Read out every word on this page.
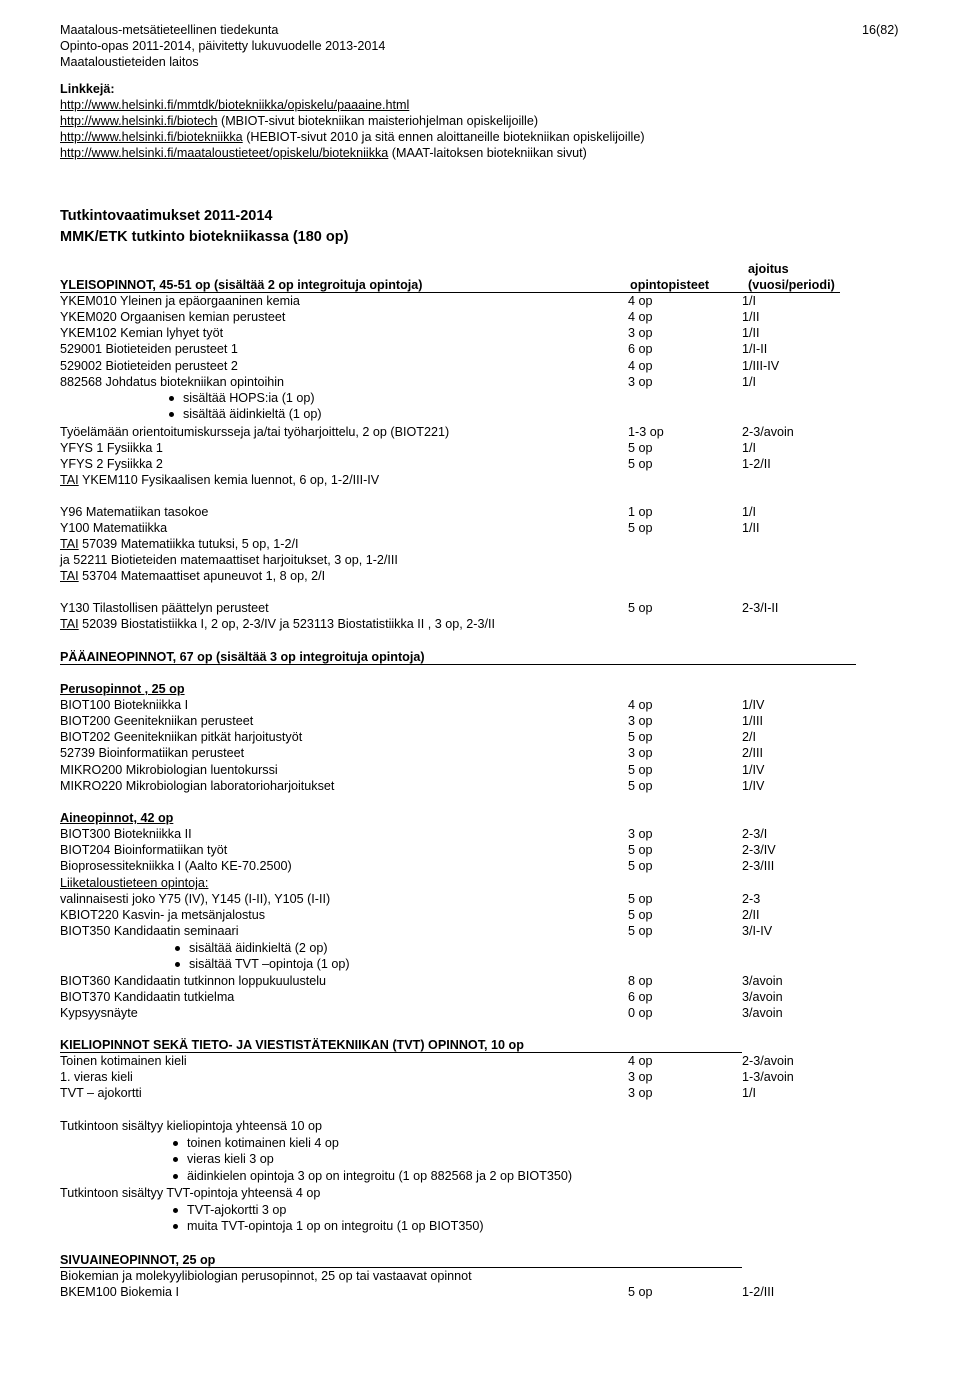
Maatalous-metsätieteellinen tiedekunta
Opinto-opas 2011-2014, päivitetty lukuvuodelle 2013-2014
Maataloustieteiden laitos
16(82)
Linkkejä:
http://www.helsinki.fi/mmtdk/biotekniikka/opiskelu/paaaine.html
http://www.helsinki.fi/biotech (MBIOT-sivut biotekniikan maisteriohjelman opiskelijoille)
http://www.helsinki.fi/biotekniikka (HEBIOT-sivut 2010 ja sitä ennen aloittaneille biotekniikan opiskelijoille)
http://www.helsinki.fi/maataloustieteet/opiskelu/biotekniikka (MAAT-laitoksen biotekniikan sivut)
Tutkintovaatimukset 2011-2014
MMK/ETK tutkinto biotekniikassa (180 op)
ajoitus
YLEISOPINNOT, 45-51 op (sisältää 2 op integroituja opintoja)	opintopisteet	(vuosi/periodi)
YKEM010 Yleinen ja epäorgaaninen kemia	4 op	1/I
YKEM020 Orgaanisen kemian perusteet	4 op	1/II
YKEM102 Kemian lyhyet työt	3 op	1/II
529001 Biotieteiden perusteet 1	6 op	1/I-II
529002 Biotieteiden perusteet 2	4 op	1/III-IV
882568 Johdatus biotekniikan opintoihin	3 op	1/I
sisältää HOPS:ia (1 op)
sisältää äidinkieltä (1 op)
Työelämään orientoitumiskursseja ja/tai työharjoittelu, 2 op (BIOT221)	1-3 op	2-3/avoin
YFYS 1 Fysiikka 1	5 op	1/I
YFYS 2 Fysiikka 2	5 op	1-2/II
TAI YKEM110 Fysikaalisen kemia luennot, 6 op, 1-2/III-IV
Y96 Matematiikan tasokoe	1 op	1/I
Y100 Matematiikka	5 op	1/II
TAI 57039 Matematiikka tutuksi, 5 op, 1-2/I
ja 52211 Biotieteiden matemaattiset harjoitukset, 3 op, 1-2/III
TAI 53704 Matemaattiset apuneuvot 1, 8 op, 2/I
Y130 Tilastollisen päättelyn perusteet	5 op	2-3/I-II
TAI 52039 Biostatistiikka I, 2 op, 2-3/IV ja 523113 Biostatistiikka II , 3 op, 2-3/II
PÄÄAINEOPINNOT, 67 op (sisältää 3 op integroituja opintoja)
Perusopinnot , 25 op
BIOT100 Biotekniikka I	4 op	1/IV
BIOT200 Geenitekniikan perusteet	3 op	1/III
BIOT202 Geenitekniikan pitkät harjoitustyöt	5 op	2/I
52739 Bioinformatiikan perusteet	3 op	2/III
MIKRO200 Mikrobiologian luentokurssi	5 op	1/IV
MIKRO220 Mikrobiologian laboratorioharjoitukset	5 op	1/IV
Aineopinnot, 42 op
BIOT300 Biotekniikka II	3 op	2-3/I
BIOT204 Bioinformatiikan työt	5 op	2-3/IV
Bioprosessitekniikka I (Aalto KE-70.2500)	5 op	2-3/III
Liiketaloustieteen opintoja:
valinnaisesti joko Y75 (IV), Y145 (I-II), Y105 (I-II)	5 op	2-3
KBIOT220 Kasvin- ja metsänjalostus	5 op	2/II
BIOT350 Kandidaatin seminaari	5 op	3/I-IV
sisältää äidinkieltä (2 op)
sisältää TVT –opintoja (1 op)
BIOT360 Kandidaatin tutkinnon loppukuulustelu	8 op	3/avoin
BIOT370 Kandidaatin tutkielma	6 op	3/avoin
Kypsyysnäyte	0 op	3/avoin
KIELIOPINNOT SEKÄ TIETO- JA VIESTISTÄTEKNIIKAN (TVT) OPINNOT, 10 op
Toinen kotimainen kieli	4 op	2-3/avoin
1. vieras kieli	3 op	1-3/avoin
TVT – ajokortti	3 op	1/I
Tutkintoon sisältyy kieliopintoja yhteensä 10 op
toinen kotimainen kieli 4 op
vieras kieli 3 op
äidinkielen opintoja 3 op on integroitu (1 op 882568 ja 2 op BIOT350)
Tutkintoon sisältyy TVT-opintoja yhteensä 4 op
TVT-ajokortti 3 op
muita TVT-opintoja 1 op on integroitu (1 op BIOT350)
SIVUAINEOPINNOT, 25 op
Biokemian ja molekyylibiologian perusopinnot, 25 op tai vastaavat opinnot
BKEM100 Biokemia I	5 op	1-2/III
